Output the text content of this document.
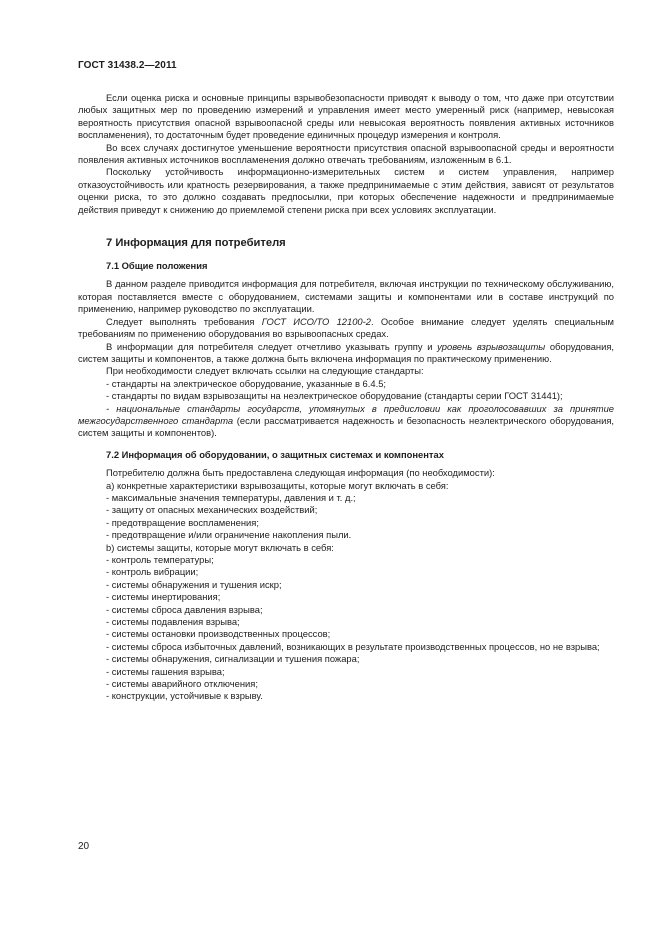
ГОСТ 31438.2—2011

Если оценка риска и основные принципы взрывобезопасности приводят к выводу о том, что даже при отсутствии любых защитных мер по проведению измерений и управления имеет место умеренный риск (например, невысокая вероятность присутствия опасной взрывоопасной среды или невысокая вероятность появления активных источников воспламенения), то достаточным будет проведение единичных процедур измерения и контроля.

Во всех случаях достигнутое уменьшение вероятности присутствия опасной взрывоопасной среды и вероятности появления активных источников воспламенения должно отвечать требованиям, изложенным в 6.1.

Поскольку устойчивость информационно-измерительных систем и систем управления, например отказоустойчивость или кратность резервирования, а также предпринимаемые с этим действия, зависят от результатов оценки риска, то это должно создавать предпосылки, при которых обеспечение надежности и предпринимаемые действия приведут к снижению до приемлемой степени риска при всех условиях эксплуатации.

7 Информация для потребителя
7.1 Общие положения

В данном разделе приводится информация для потребителя, включая инструкции по техническому обслуживанию, которая поставляется вместе с оборудованием, системами защиты и компонентами или в составе инструкций по применению, например руководство по эксплуатации.

Следует выполнять требования ГОСТ ИСО/ТО 12100-2. Особое внимание следует уделять специальным требованиям по применению оборудования во взрывоопасных средах.

В информации для потребителя следует отчетливо указывать группу и уровень взрывозащиты оборудования, систем защиты и компонентов, а также должна быть включена информация по практическому применению.

При необходимости следует включать ссылки на следующие стандарты:

- стандарты на электрическое оборудование, указанные в 6.4.5;

- стандарты по видам взрывозащиты на неэлектрическое оборудование (стандарты серии ГОСТ 31441);

- национальные стандарты государств, упомянутых в предисловии как проголосовавших за принятие межгосударственного стандарта (если рассматривается надежность и безопасность неэлектрического оборудования, систем защиты и компонентов).

7.2 Информация об оборудовании, о защитных системах и компонентах

Потребителю должна быть предоставлена следующая информация (по необходимости):

a) конкретные характеристики взрывозащиты, которые могут включать в себя:

- максимальные значения температуры, давления и т. д.;

- защиту от опасных механических воздействий;

- предотвращение воспламенения;

- предотвращение и/или ограничение накопления пыли.

b) системы защиты, которые могут включать в себя:

- контроль температуры;

- контроль вибрации;

- системы обнаружения и тушения искр;

- системы инертирования;

- системы сброса давления взрыва;

- системы подавления взрыва;

- системы остановки производственных процессов;

- системы сброса избыточных давлений, возникающих в результате производственных процессов, но не взрыва;

- системы обнаружения, сигнализации и тушения пожара;

- системы гашения взрыва;

- системы аварийного отключения;

- конструкции, устойчивые к взрыву.

20
